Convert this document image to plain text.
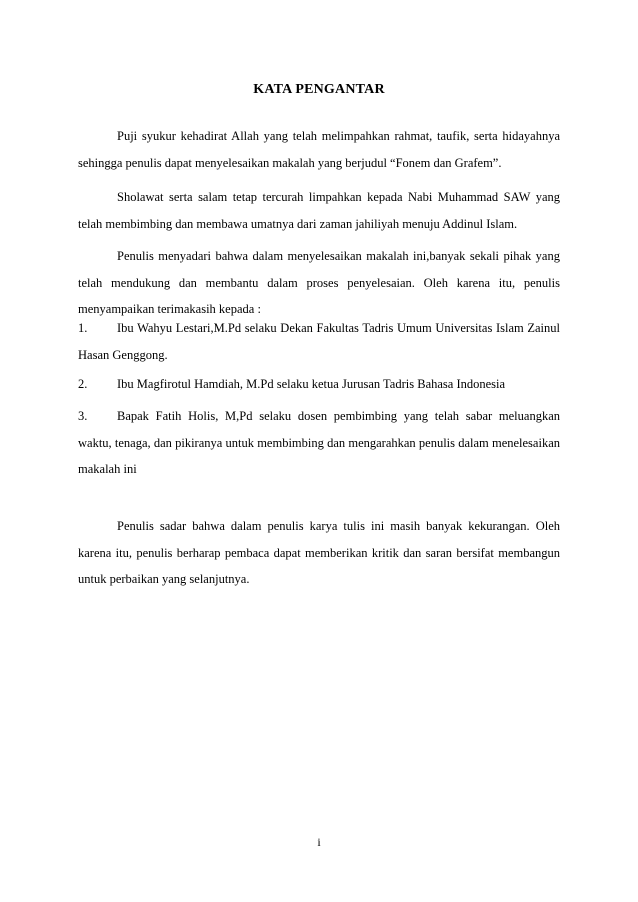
KATA PENGANTAR

Puji syukur kehadirat Allah yang telah melimpahkan rahmat, taufik, serta hidayahnya sehingga penulis dapat menyelesaikan makalah yang berjudul “Fonem dan Grafem”.

Sholawat serta salam tetap tercurah limpahkan kepada Nabi Muhammad SAW yang telah membimbing dan membawa umatnya dari zaman jahiliyah menuju Addinul Islam.

Penulis menyadari bahwa dalam menyelesaikan makalah ini,banyak sekali pihak yang telah mendukung dan membantu dalam proses penyelesaian. Oleh karena itu, penulis menyampaikan terimakasih kepada :

1. Ibu Wahyu Lestari,M.Pd selaku Dekan Fakultas Tadris Umum Universitas Islam Zainul Hasan Genggong.
2. Ibu Magfirotul Hamdiah, M.Pd selaku ketua Jurusan Tadris Bahasa Indonesia
3. Bapak Fatih Holis, M,Pd selaku dosen pembimbing yang telah sabar meluangkan waktu, tenaga, dan pikiranya untuk membimbing dan mengarahkan penulis dalam menelesaikan makalah ini

Penulis sadar bahwa dalam penulis karya tulis ini masih banyak kekurangan. Oleh karena itu, penulis berharap pembaca dapat memberikan kritik dan saran bersifat membangun untuk perbaikan yang selanjutnya.

i
